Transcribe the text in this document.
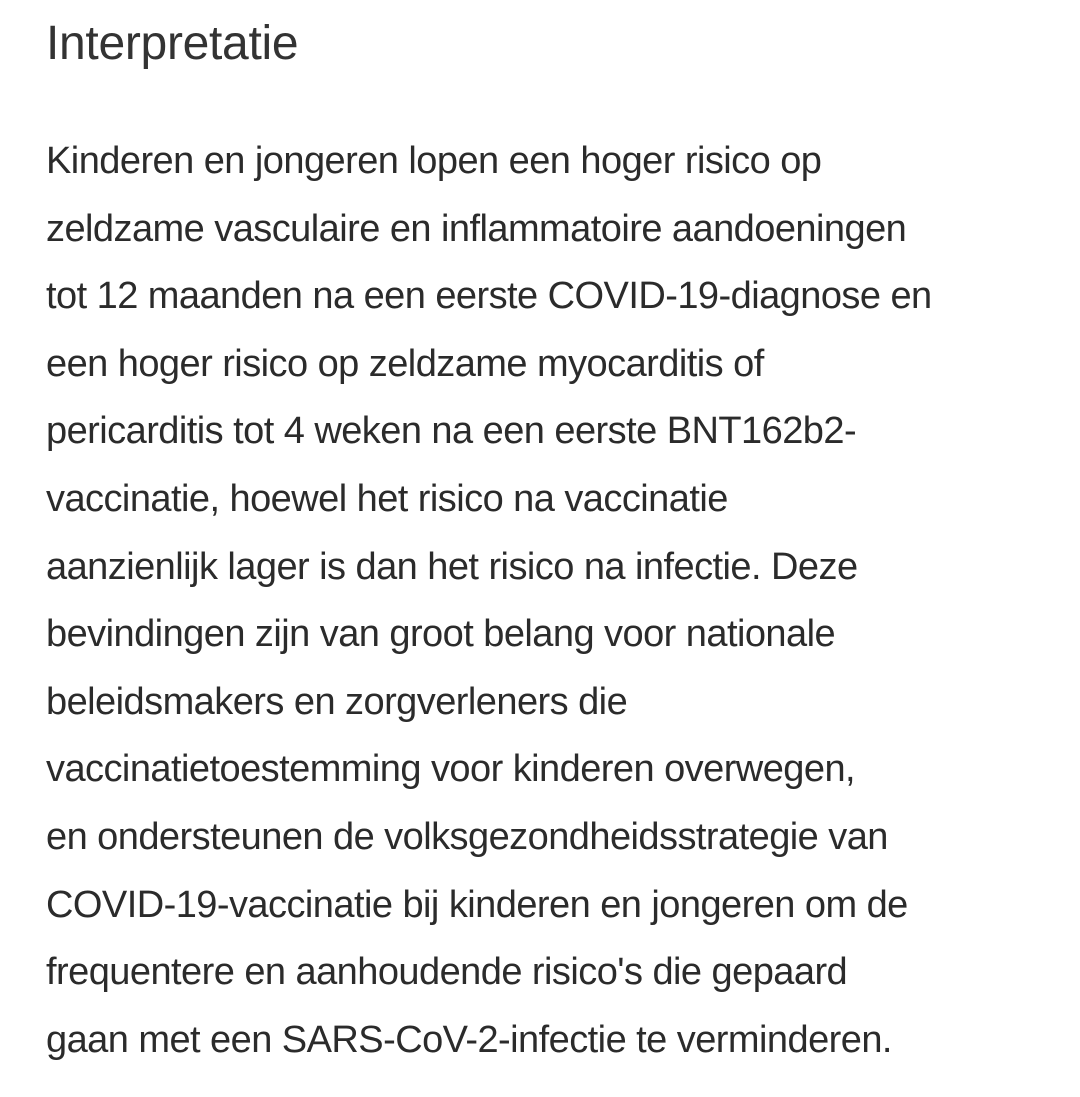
Interpretatie

Kinderen en jongeren lopen een hoger risico op
zeldzame vasculaire en inflammatoire aandoeningen
tot 12 maanden na een eerste COVID-19-diagnose en
een hoger risico op zeldzame myocarditis of
pericarditis tot 4 weken na een eerste BNT162b2-
vaccinatie, hoewel het risico na vaccinatie
aanzienlijk lager is dan het risico na infectie. Deze
bevindingen zijn van groot belang voor nationale
beleidsmakers en zorgverleners die
vaccinatietoestemming voor kinderen overwegen,
en ondersteunen de volksgezondheidsstrategie van
COVID-19-vaccinatie bij kinderen en jongeren om de
frequentere en aanhoudende risico's die gepaard
gaan met een SARS-CoV-2-infectie te verminderen.
